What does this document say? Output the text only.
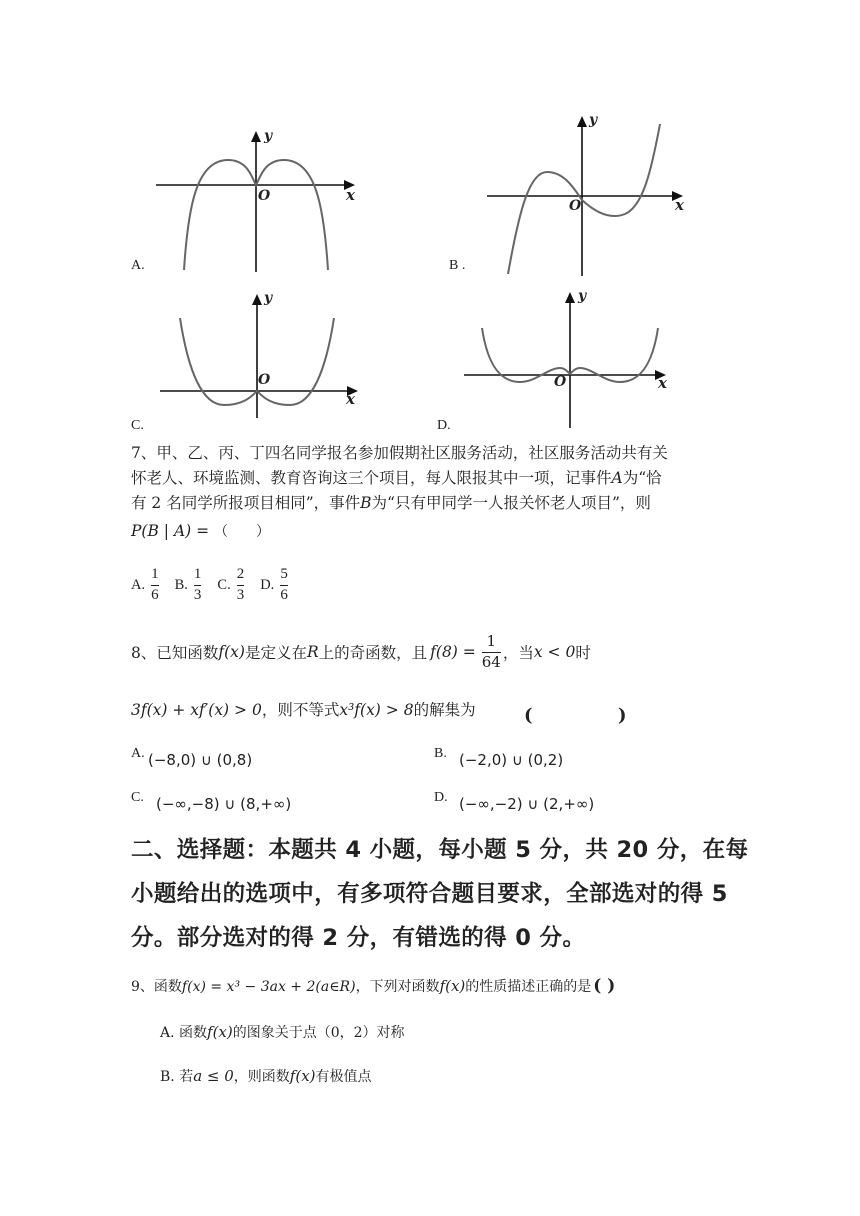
y
x
O
A.
y
x
O
B .
y
x
O
C.
y
x
O
D.
7、甲、乙、丙、丁四名同学报名参加假期社区服务活动，社区服务活动共有关
怀老人、环境监测、教育咨询这三个项目，每人限报其中一项，记事件A为“恰
有 2 名同学所报项目相同”，事件B为“只有甲同学一人报关怀老人项目”，则
P(B | A) = （　　）
A. $\frac{1}{6} B$. $\frac{1}{3} C$. $\frac{2}{3} D$. $\frac{5}{6}$
8、已知函数 f(x) 是定义在 R 上的奇函数，且 $f(8) = \frac{1}{64}$ ，当 x < 0 时
3f(x) + xf′(x) > 0，则不等式x³f(x) > 8的解集为	(	)
A. (−8,0) ∪ (0,8)	B. (−2,0) ∪ (0,2)
C. (−∞,−8) ∪ (8,+∞)	D. (−∞,−2) ∪ (2,+∞)
二、选择题：本题共 4 小题，每小题 5 分，共 20 分，在每
小题给出的选项中，有多项符合题目要求，全部选对的得 5
分。部分选对的得 2 分，有错选的得 0 分。
9、函数f(x) = x³ − 3ax + 2(a∈R)，下列对函数f(x)的性质描述正确的是 ( )
A. 函数f(x)的图象关于点（0，2）对称
B. 若a ≤ 0，则函数f(x)有极值点
